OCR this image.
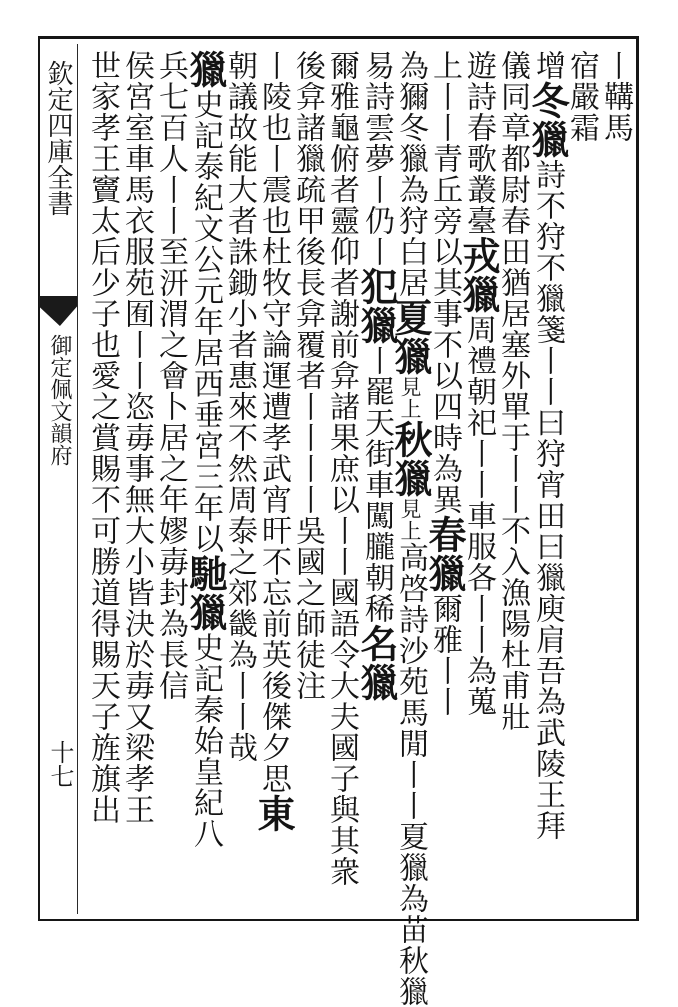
欽定四庫全書
御定佩文韻府
十七
丨鞲馬
宿嚴霜
增冬獵詩不狩不獵箋丨丨曰狩宵田曰獵庾肩吾為武陵王拜
儀同章都尉春田猶居塞外單于丨丨不入漁陽杜甫壯
遊詩春歌叢臺戎獵周禮朝祀丨丨車服各丨丨為蒐
上丨丨青丘旁以其事不以四時為異春獵爾雅丨丨
為獮冬獵為狩白居夏獵見上秋獵見上高啓詩沙苑馬閒丨丨夏獵為苗秋獵
易詩雲夢丨仍丨犯獵丨罷天街車闖朧朝稀名獵
爾雅龜俯者靈仰者謝前弇諸果庶以丨丨國語令大夫國子與其衆
後弇諸獵疏甲後長弇覆者丨丨丨丨吳國之師徒注
丨陵也丨震也杜牧守論運遭孝武宵旰不忘前英後傑夕思東
朝議故能大者誅鋤小者惠來不然周泰之郊畿為丨丨哉
獵史記泰紀文公元年居西垂宮三年以馳獵史記秦始皇紀八
兵七百人丨丨至汧渭之會卜居之年嫪毐封為長信
侯宮室車馬衣服苑囿丨丨恣毐事無大小皆決於毐又梁孝王
世家孝王竇太后少子也愛之賞賜不可勝道得賜天子旌旗出
